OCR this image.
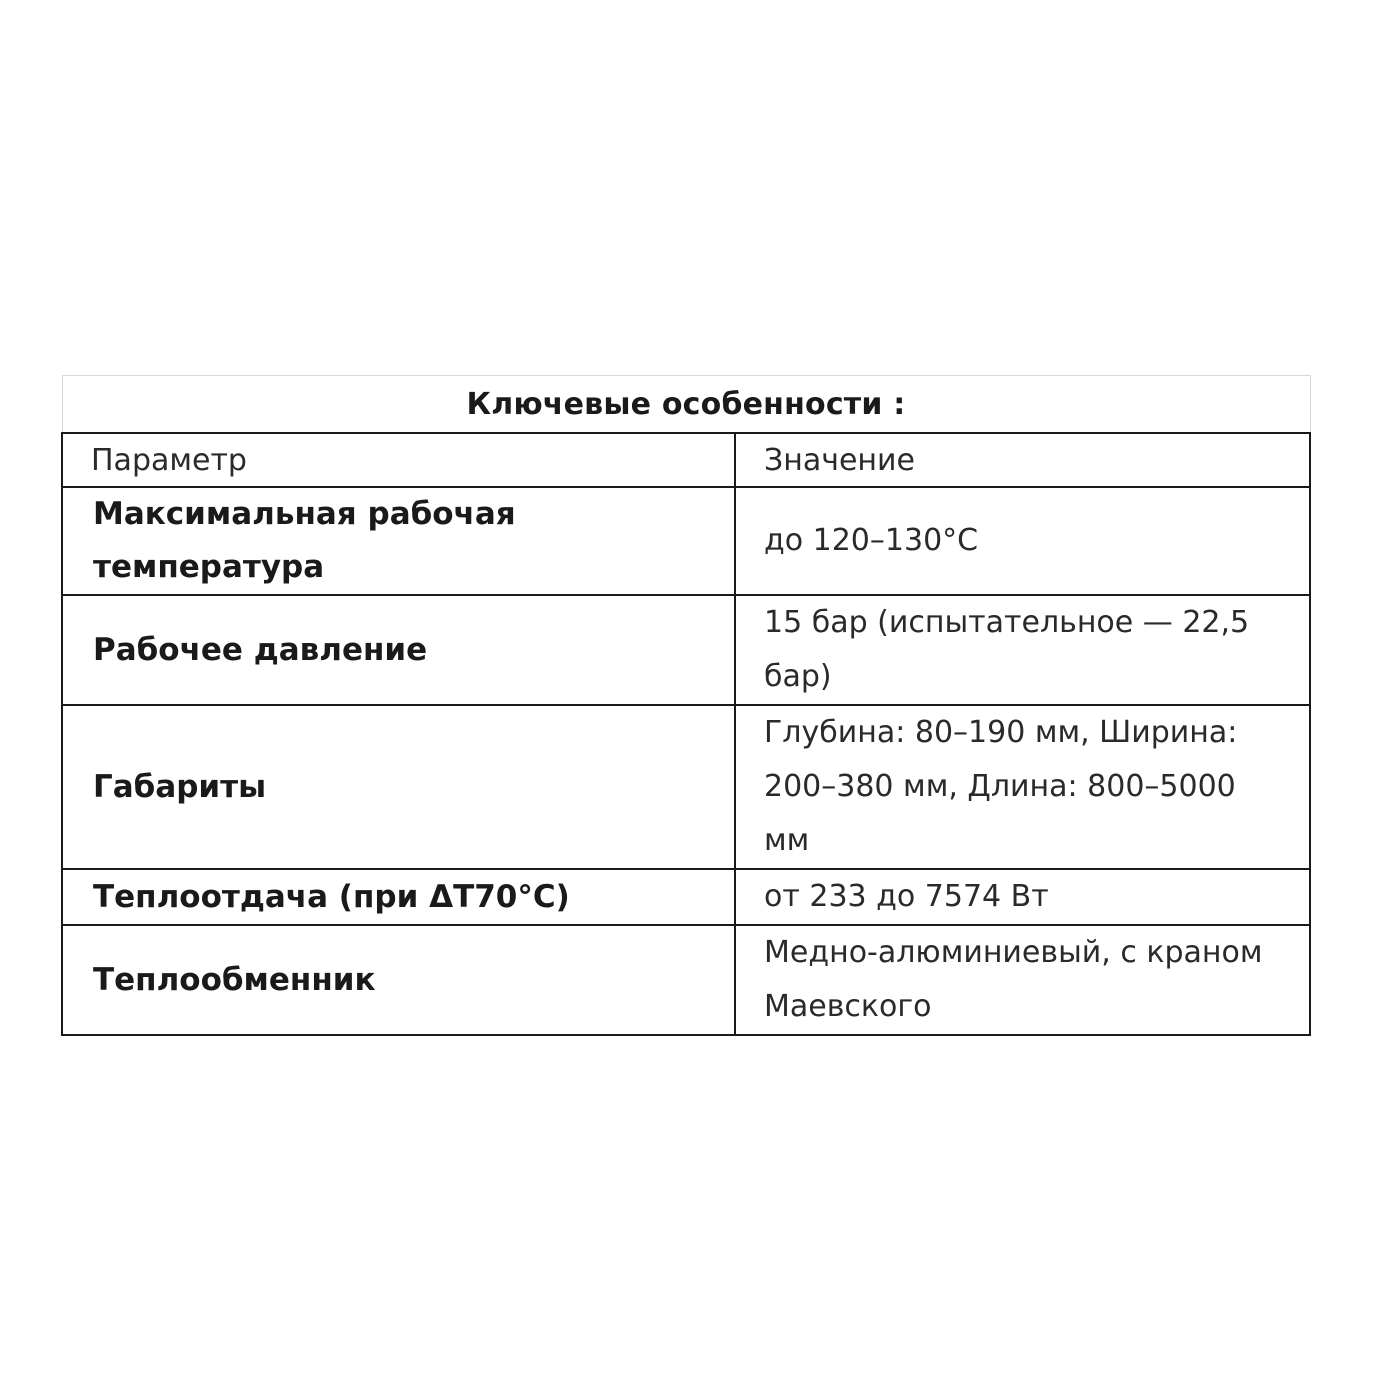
Ключевые особенности :	
Параметр	Значение
Максимальная рабочая температура	до 120–130°C
Рабочее давление	15 бар (испытательное — 22,5 бар)
Габариты	Глубина: 80–190 мм, Ширина: 200–380 мм, Длина: 800–5000 мм
Теплоотдача (при ΔT70°C)	от 233 до 7574 Вт
Теплообменник	Медно-алюминиевый, с краном Маевского
